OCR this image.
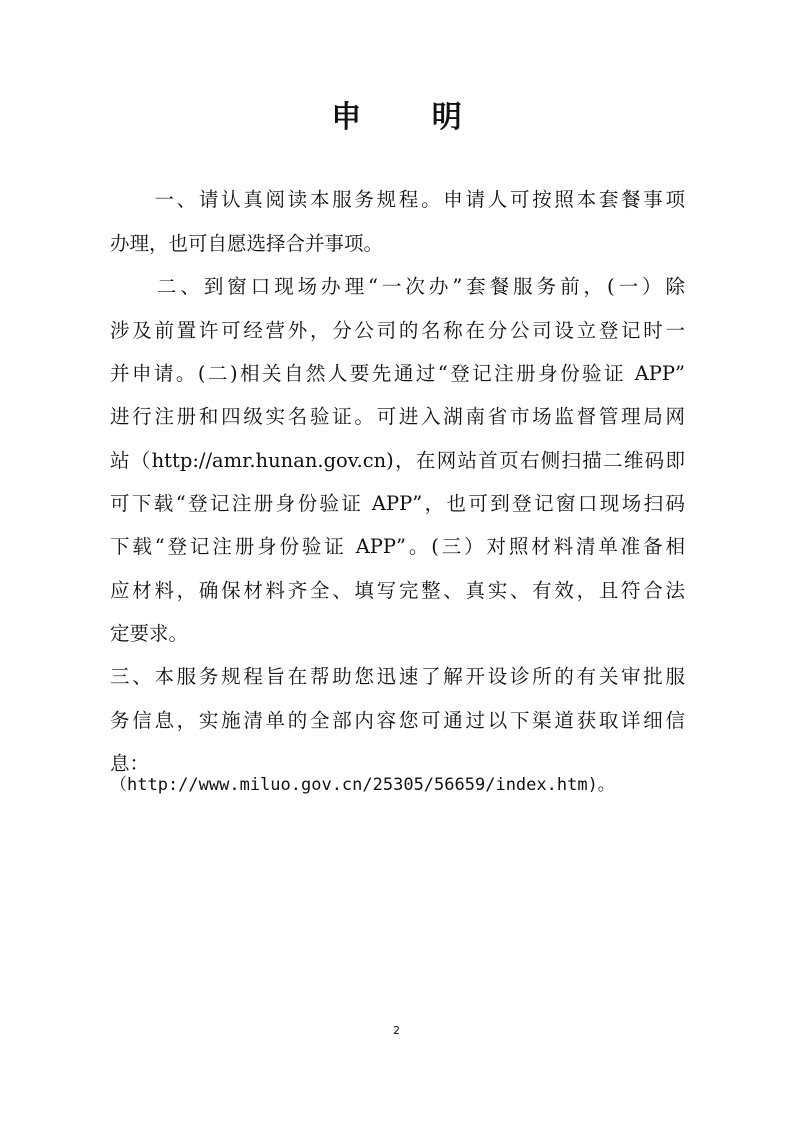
申 明
　　一、请认真阅读本服务规程。申请人可按照本套餐事项
办理，也可自愿选择合并事项。
　　二、到窗口现场办理“一次办”套餐服务前，(一）除
涉及前置许可经营外，分公司的名称在分公司设立登记时一
并申请。(二)相关自然人要先通过“登记注册身份验证 APP”
进行注册和四级实名验证。可进入湖南省市场监督管理局网
站（http://amr.hunan.gov.cn)，在网站首页右侧扫描二维码即
可下载“登记注册身份验证 APP”，也可到登记窗口现场扫码
下载“登记注册身份验证 APP”。(三）对照材料清单准备相
应材料，确保材料齐全、填写完整、真实、有效，且符合法
定要求。
三、本服务规程旨在帮助您迅速了解开设诊所的有关审批服
务信息，实施清单的全部内容您可通过以下渠道获取详细信
息：
（http://www.miluo.gov.cn/25305/56659/index.htm)。
2
